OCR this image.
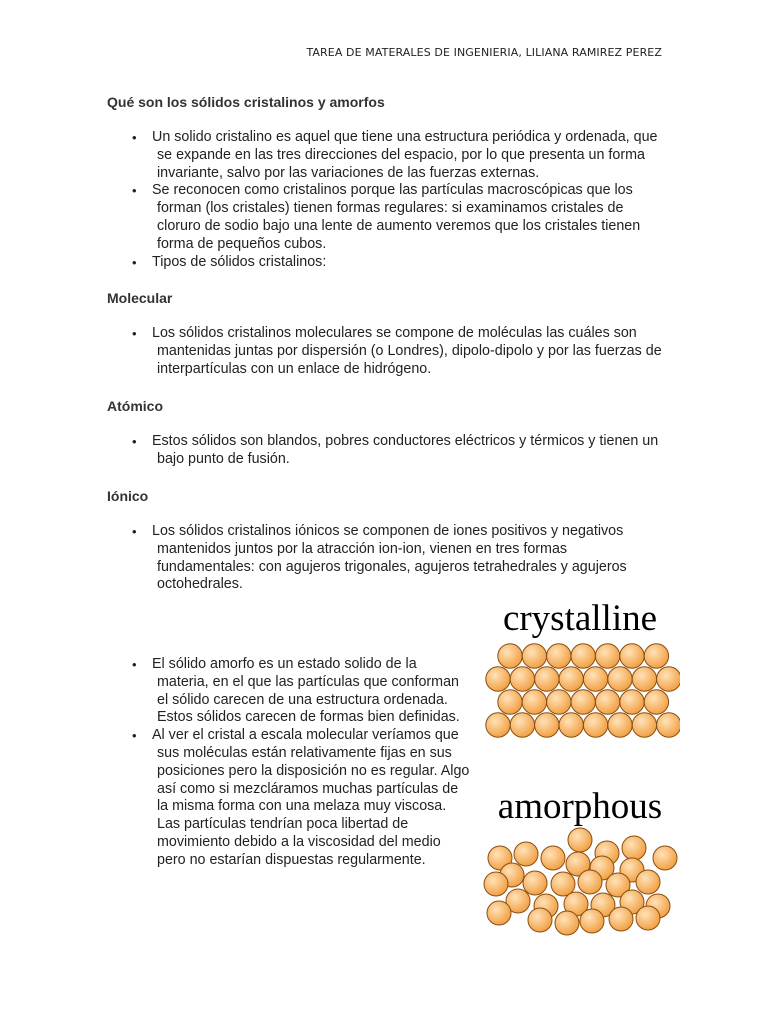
TAREA DE MATERALES DE INGENIERIA, LILIANA RAMIREZ PEREZ
Qué son los sólidos cristalinos y amorfos
• Un solido cristalino es aquel que tiene una estructura periódica y ordenada, que se expande en las tres direcciones del espacio, por lo que presenta un forma invariante, salvo por las variaciones de las fuerzas externas.
• Se reconocen como cristalinos porque las partículas macroscópicas que los forman (los cristales) tienen formas regulares: si examinamos cristales de cloruro de sodio bajo una lente de aumento veremos que los cristales tienen forma de pequeños cubos.
• Tipos de sólidos cristalinos:
Molecular
• Los sólidos cristalinos moleculares se compone de moléculas las cuáles son mantenidas juntas por dispersión (o Londres), dipolo-dipolo y por las fuerzas de interpartículas con un enlace de hidrógeno.
Atómico
• Estos sólidos son blandos, pobres conductores eléctricos y térmicos y tienen un bajo punto de fusión.
Iónico
• Los sólidos cristalinos iónicos se componen de iones positivos y negativos mantenidos juntos por la atracción ion-ion, vienen en tres formas fundamentales: con agujeros trigonales, agujeros tetrahedrales y agujeros octohedrales.
• El sólido amorfo es un estado solido de la materia, en el que las partículas que conforman el sólido carecen de una estructura ordenada. Estos sólidos carecen de formas bien definidas.
• Al ver el cristal a escala molecular veríamos que sus moléculas están relativamente fijas en sus posiciones pero la disposición no es regular. Algo así como si mezcláramos muchas partículas de la misma forma con una melaza muy viscosa. Las partículas tendrían poca libertad de movimiento debido a la viscosidad del medio pero no estarían dispuestas regularmente.
crystalline
amorphous
